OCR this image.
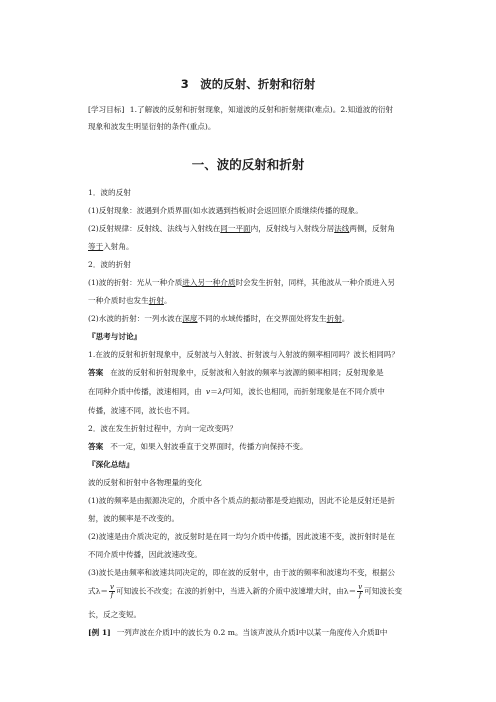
3　波的反射、折射和衍射
[学习目标] 1.了解波的反射和折射现象，知道波的反射和折射规律(难点)。2.知道波的衍射
现象和波发生明显衍射的条件(重点)。
一、波的反射和折射
1．波的反射
(1)反射现象：波遇到介质界面(如水波遇到挡板)时会返回原介质继续传播的现象。
(2)反射规律：反射线、法线与入射线在同一平面内，反射线与入射线分居法线两侧，反射角
等于入射角。
2．波的折射
(1)波的折射：光从一种介质进入另一种介质时会发生折射，同样，其他波从一种介质进入另
一种介质时也发生折射。
(2)水波的折射：一列水波在深度不同的水域传播时，在交界面处将发生折射。
『思考与讨论』
1.在波的反射和折射现象中，反射波与入射波、折射波与入射波的频率相同吗？波长相同吗？
答案 在波的反射和折射现象中，反射波和入射波的频率与波源的频率相同；反射现象是
在同种介质中传播，波速相同，由 v＝λf可知，波长也相同，而折射现象是在不同介质中
传播，波速不同，波长也不同。
2．波在发生折射过程中，方向一定改变吗？
答案 不一定，如果入射波垂直于交界面时，传播方向保持不变。
『深化总结』
波的反射和折射中各物理量的变化
(1)波的频率是由振源决定的，介质中各个质点的振动都是受迫振动，因此不论是反射还是折
射，波的频率是不改变的。
(2)波速是由介质决定的，波反射时是在同一均匀介质中传播，因此波速不变，波折射时是在
不同介质中传播，因此波速改变。
(3)波长是由频率和波速共同决定的，即在波的反射中，由于波的频率和波速均不变，根据公
式$\lambda= \frac{v}{f}$ 可知波长不改变；在波的折射中，当进入新的介质中波速增大时，由$\lambda= \frac{v}{f}$ 可知波长变
长，反之变短。
[例 1] 一列声波在介质Ⅰ中的波长为 0.2 m。当该声波从介质Ⅰ中以某一角度传入介质Ⅱ中
